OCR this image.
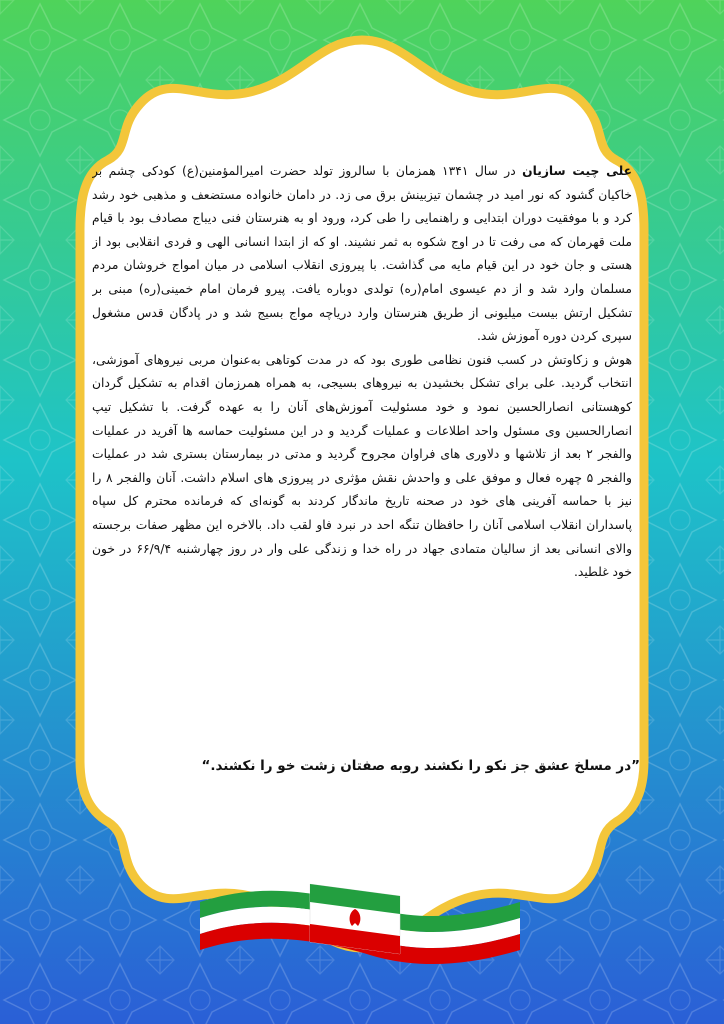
علی چیت سازیان در سال ۱۳۴۱ همزمان با سالروز تولد حضرت امیرالمؤمنین(ع) کودکی چشم بر خاکیان گشود که نور امید در چشمان تیزبینش برق می زد. در دامان خانواده مستضعف و مذهبی خود رشد کرد و با موفقیت دوران ابتدایی و راهنمایی را طی کرد، ورود او به هنرستان فنی دیباج مصادف بود با قیام ملت قهرمان که می رفت تا در اوج شکوه به ثمر نشیند. او که از ابتدا انسانی الهی و فردی انقلابی بود از هستی و جان خود در این قیام مایه می گذاشت. با پیروزی انقلاب اسلامی در میان امواج خروشان مردم مسلمان وارد شد و از دم عیسوی امام(ره) تولدی دوباره یافت. پیرو فرمان امام خمینی(ره) مبنی بر تشکیل ارتش بیست میلیونی از طریق هنرستان وارد دریاچه مواج بسیج شد و در پادگان قدس مشغول سپری کردن دوره آموزش شد.

هوش و زکاوتش در کسب فنون نظامی طوری بود که در مدت کوتاهی به‌عنوان مربی نیروهای آموزشی، انتخاب گردید. علی برای تشکل بخشیدن به نیروهای بسیجی، به همراه همرزمان اقدام به تشکیل گردان کوهستانی انصارالحسین نمود و خود مسئولیت آموزش‌های آنان را به عهده گرفت. با تشکیل تیپ انصارالحسین وی مسئول واحد اطلاعات و عملیات گردید و در این مسئولیت حماسه ها آفرید در عملیات والفجر ۲ بعد از تلاشها و دلاوری های فراوان مجروح گردید و مدتی در بیمارستان بستری شد در عملیات والفجر ۵ چهره فعال و موفق علی و واحدش نقش مؤثری در پیروزی های اسلام داشت. آنان والفجر ۸ را نیز با حماسه آفرینی های خود در صحنه تاریخ ماندگار کردند به گونه‌ای که فرمانده محترم کل سپاه پاسداران انقلاب اسلامی آنان را حافظان تنگه احد در نبرد فاو لقب داد. بالاخره این مظهر صفات برجسته والای انسانی بعد از سالیان متمادی جهاد در راه خدا و زندگی علی وار در روز چهارشنبه ۶۶/۹/۴ در خون خود غلطید.

”در مسلخ عشق جز نکو را نکشند روبه صفتان زشت خو را نکشند.“
